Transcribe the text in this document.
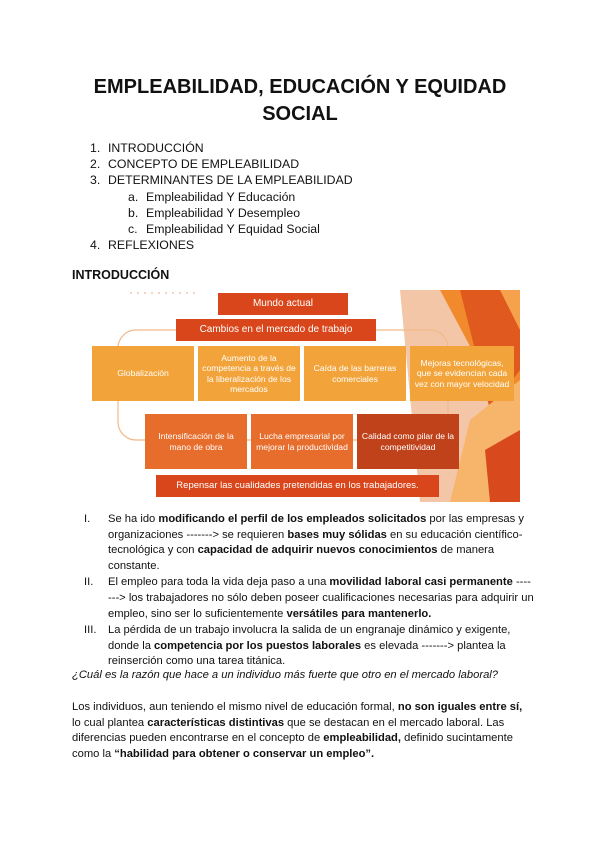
EMPLEABILIDAD, EDUCACIÓN Y EQUIDAD SOCIAL
1. INTRODUCCIÓN
2. CONCEPTO DE EMPLEABILIDAD
3. DETERMINANTES DE LA EMPLEABILIDAD
a. Empleabilidad Y Educación
b. Empleabilidad Y Desempleo
c. Empleabilidad Y Equidad Social
4. REFLEXIONES
INTRODUCCIÓN
Mundo actual
Cambios en el mercado de trabajo
Globalización
Aumento de la competencia a través de la liberalización de los mercados
Caída de las barreras comerciales
Mejoras tecnológicas, que se evidencian cada vez con mayor velocidad
Intensificación de la mano de obra
Lucha empresarial por mejorar la productividad
Calidad como pilar de la competitividad
Repensar las cualidades pretendidas en los trabajadores.
I. Se ha ido modificando el perfil de los empleados solicitados por las empresas y organizaciones -------> se requieren bases muy sólidas en su educación científico-tecnológica y con capacidad de adquirir nuevos conocimientos de manera constante.
II. El empleo para toda la vida deja paso a una movilidad laboral casi permanente -------> los trabajadores no sólo deben poseer cualificaciones necesarias para adquirir un empleo, sino ser lo suficientemente versátiles para mantenerlo.
III. La pérdida de un trabajo involucra la salida de un engranaje dinámico y exigente, donde la competencia por los puestos laborales es elevada -------> plantea la reinserción como una tarea titánica.
¿Cuál es la razón que hace a un individuo más fuerte que otro en el mercado laboral?
Los individuos, aun teniendo el mismo nivel de educación formal, no son iguales entre sí, lo cual plantea características distintivas que se destacan en el mercado laboral. Las diferencias pueden encontrarse en el concepto de empleabilidad, definido sucintamente como la “habilidad para obtener o conservar un empleo”.
